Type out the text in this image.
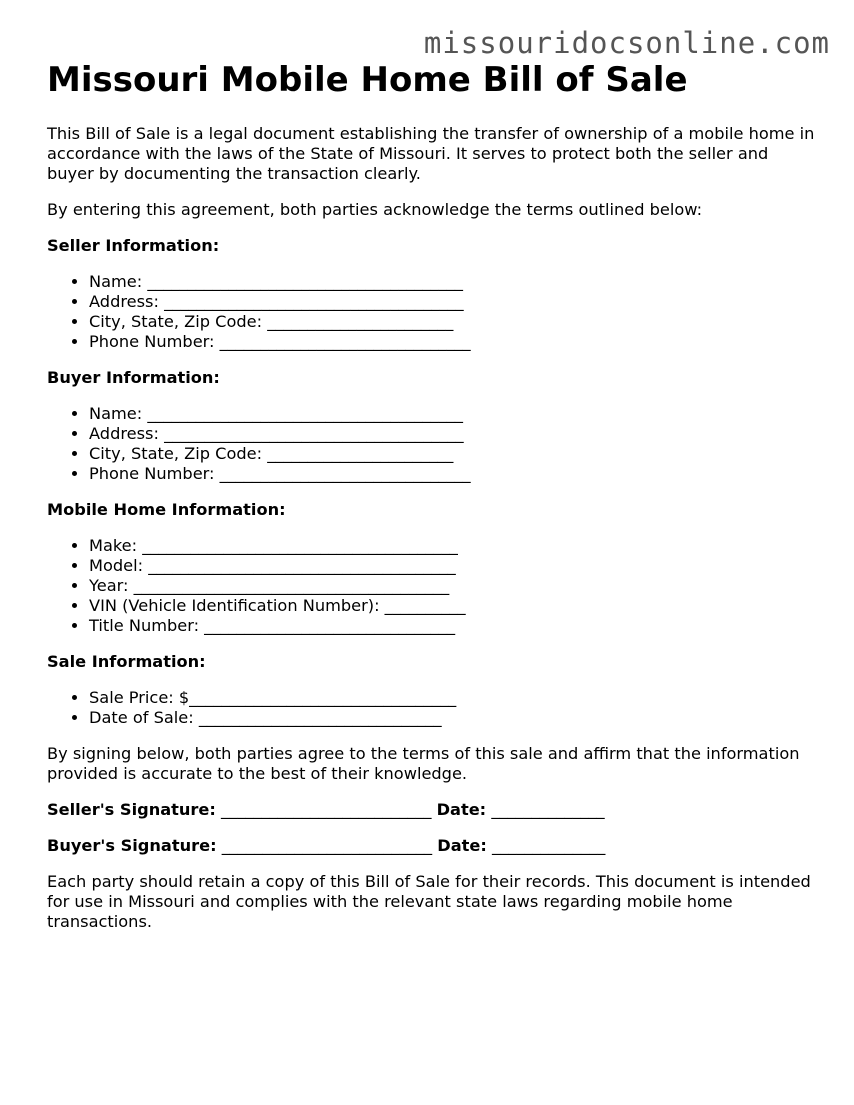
missouridocsonline.com
Missouri Mobile Home Bill of Sale

This Bill of Sale is a legal document establishing the transfer of ownership of a mobile home in accordance with the laws of the State of Missouri. It serves to protect both the seller and buyer by documenting the transaction clearly.

By entering this agreement, both parties acknowledge the terms outlined below:

Seller Information:
• Name: _______________________________________
• Address: _____________________________________
• City, State, Zip Code: _______________________
• Phone Number: _______________________________
Buyer Information:
• Name: _______________________________________
• Address: _____________________________________
• City, State, Zip Code: _______________________
• Phone Number: _______________________________
Mobile Home Information:
• Make: _______________________________________
• Model: ______________________________________
• Year: _______________________________________
• VIN (Vehicle Identification Number): __________
• Title Number: _______________________________
Sale Information:
• Sale Price: $_________________________________
• Date of Sale: ______________________________

By signing below, both parties agree to the terms of this sale and affirm that the information provided is accurate to the best of their knowledge.

Seller's Signature: __________________________ Date: ______________
Buyer's Signature: __________________________ Date: ______________

Each party should retain a copy of this Bill of Sale for their records. This document is intended for use in Missouri and complies with the relevant state laws regarding mobile home transactions.
